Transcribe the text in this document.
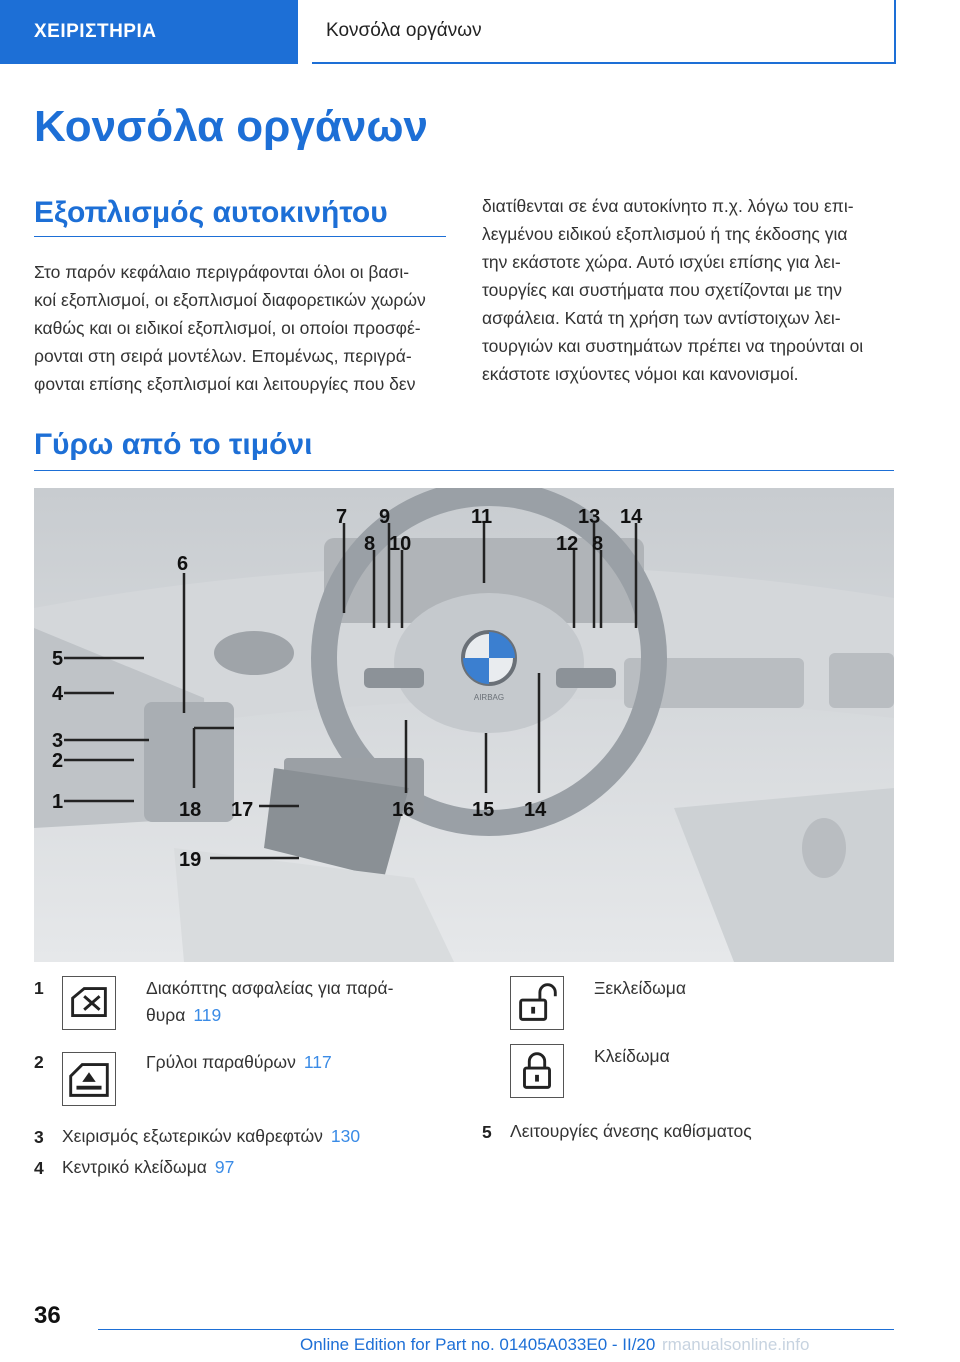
ΧΕΙΡΙΣΤΗΡΙΑ	Κονσόλα οργάνων
Κονσόλα οργάνων
Εξοπλισμός αυτοκινήτου

Στο παρόν κεφάλαιο περιγράφονται όλοι οι βασι-
κοί εξοπλισμοί, οι εξοπλισμοί διαφορετικών χωρών
καθώς και οι ειδικοί εξοπλισμοί, οι οποίοι προσφέ-
ρονται στη σειρά μοντέλων. Επομένως, περιγρά-
φονται επίσης εξοπλισμοί και λειτουργίες που δεν

διατίθενται σε ένα αυτοκίνητο π.χ. λόγω του επι-
λεγμένου ειδικού εξοπλισμού ή της έκδοσης για
την εκάστοτε χώρα. Αυτό ισχύει επίσης για λει-
τουργίες και συστήματα που σχετίζονται με την
ασφάλεια. Κατά τη χρήση των αντίστοιχων λει-
τουργιών και συστημάτων πρέπει να τηρούνται οι
εκάστοτε ισχύοντες νόμοι και κανονισμοί.

Γύρω από το τιμόνι
AIRBAG
7 9
8 10
11
12 8
13 14
6
5
4
3
2
1	18 17	16	15 14
19
1	Διακόπτης ασφαλείας για παρά-
θυρα 119
2	Γρύλοι παραθύρων 117
3 Χειρισμός εξωτερικών καθρεφτών 130
4 Κεντρικό κλείδωμα 97
Ξεκλείδωμα
Κλείδωμα
5 Λειτουργίες άνεσης καθίσματος
36
Online Edition for Part no. 01405A033E0 - II/20 rmanualsonline.info
